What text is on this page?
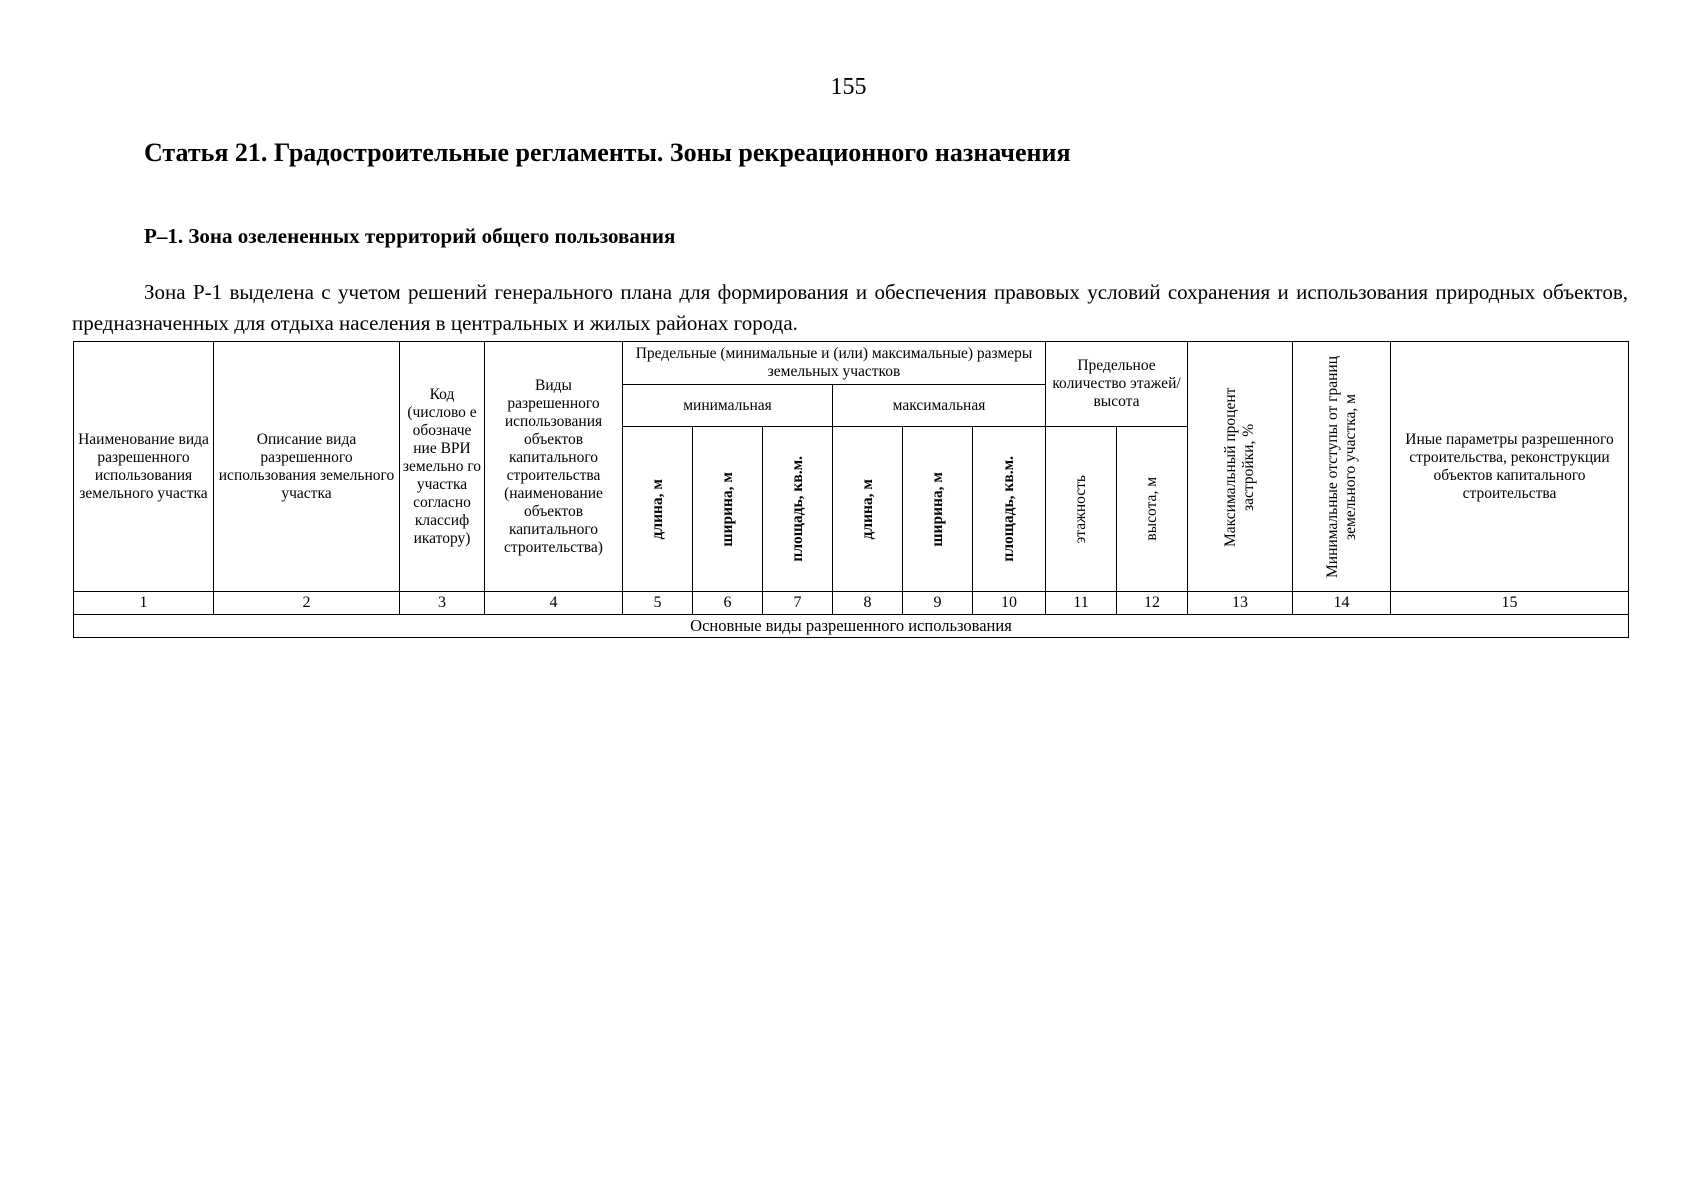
155
Статья 21. Градостроительные регламенты. Зоны рекреационного назначения
Р–1. Зона озелененных территорий общего пользования

Зона Р-1 выделена с учетом решений генерального плана для формирования и обеспечения правовых условий сохранения и использования природных объектов, предназначенных для отдыха населения в центральных и жилых районах города.

Наименование вида разрешенного использования земельного участка	Описание вида разрешенного использования земельного участка	Код (числово е обозначе ние ВРИ земельно го участка согласно классиф икатору)	Виды разрешенного использования объектов капитального строительства (наименование объектов капитального строительства)	Предельные (минимальные и (или) максимальные) размеры земельных участков						Предельное количество этажей/ высота		Максимальный процент застройки, %	Минимальные отступы от границ земельного участка, м	Иные параметры разрешенного строительства, реконструкции объектов капитального строительства
				минимальная			максимальная							

				длина, м	ширина, м	площадь, кв.м.	длина, м	ширина, м	площадь, кв.м.	этажность	высота, м			

1	2	3	4	5	6	7	8	9	10	11	12	13	14	15
Основные виды разрешенного использования														
